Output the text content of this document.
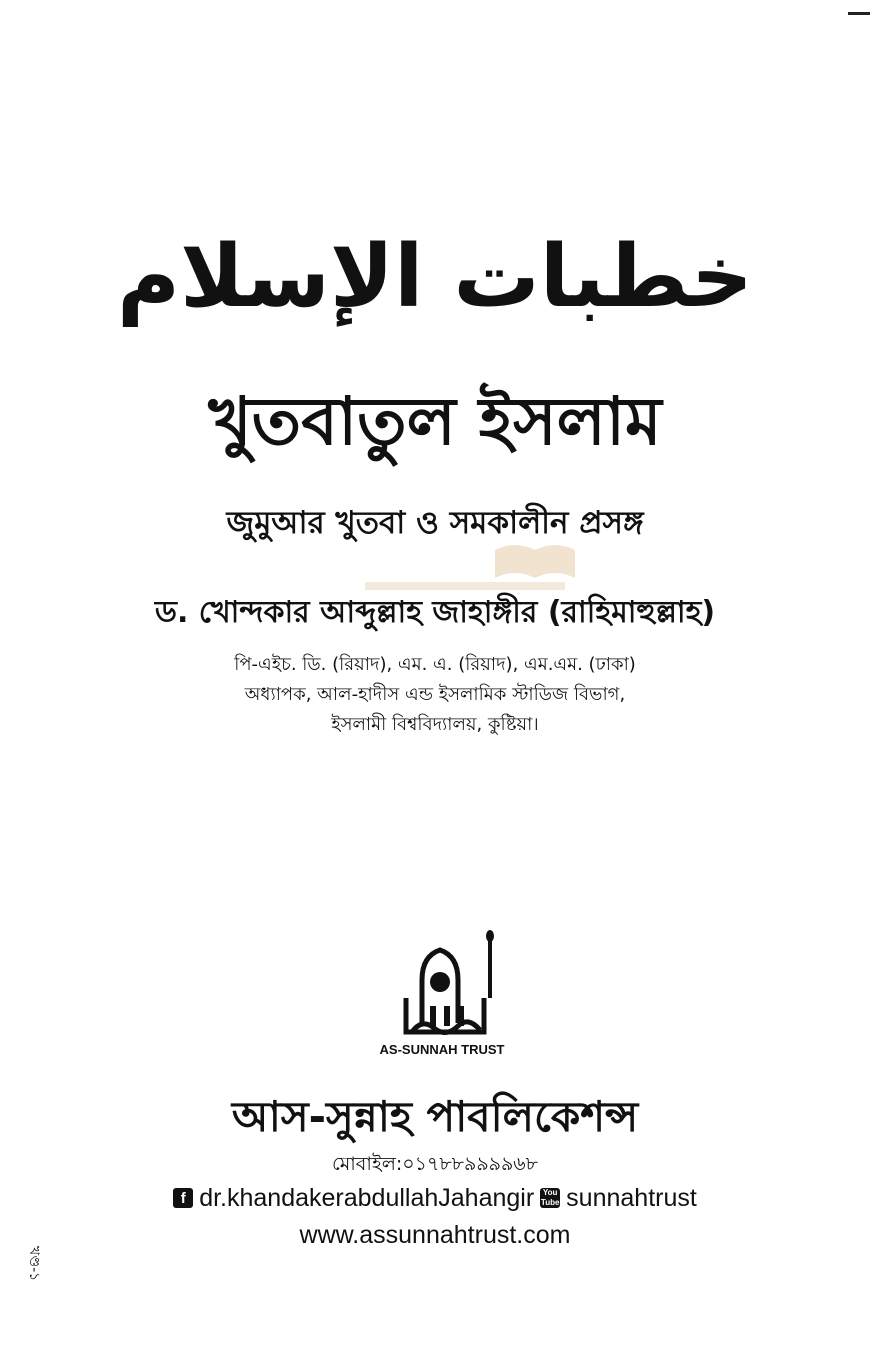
خطبات الإسلام
খুতবাতুল ইসলাম
জুমুআর খুতবা ও সমকালীন প্রসঙ্গ
ড. খোন্দকার আব্দুল্লাহ জাহাঙ্গীর (রাহিমাহুল্লাহ)
পি-এইচ. ডি. (রিয়াদ), এম. এ. (রিয়াদ), এম.এম. (ঢাকা)
অধ্যাপক, আল-হাদীস এন্ড ইসলামিক স্টাডিজ বিভাগ,
ইসলামী বিশ্ববিদ্যালয়, কুষ্টিয়া।
AS-SUNNAH TRUST
আস-সুন্নাহ পাবলিকেশন্স
মোবাইল:০১৭৮৮৯৯৯৯৬৮
f dr.khandakerabdullahJahangir	You
Tube sunnahtrust
www.assunnahtrust.com
খণ্ড-১
